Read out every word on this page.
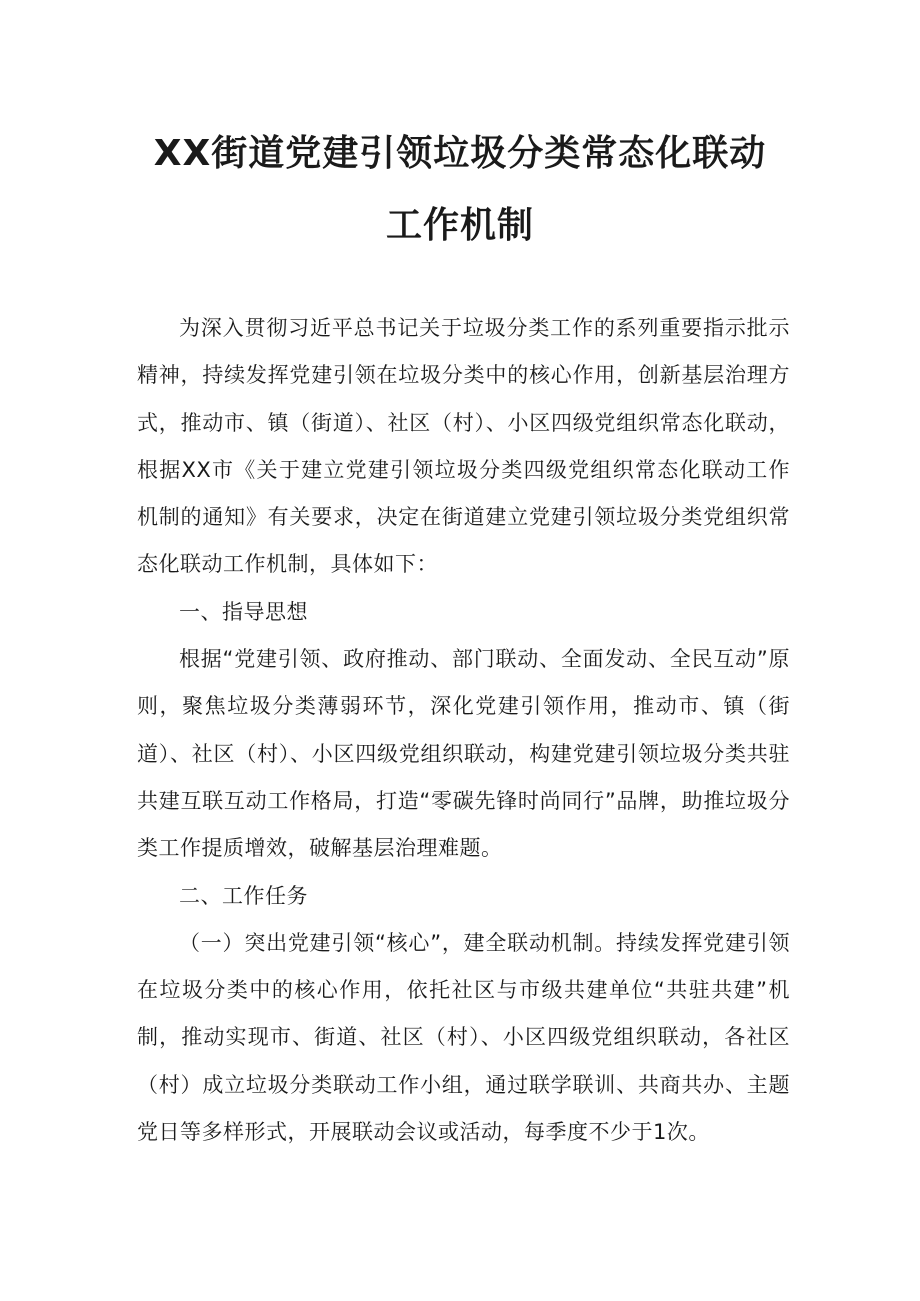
XX街道党建引领垃圾分类常态化联动
工作机制

为深入贯彻习近平总书记关于垃圾分类工作的系列重要指示批示精神，持续发挥党建引领在垃圾分类中的核心作用，创新基层治理方式，推动市、镇（街道）、社区（村）、小区四级党组织常态化联动，根据XX市《关于建立党建引领垃圾分类四级党组织常态化联动工作机制的通知》有关要求，决定在街道建立党建引领垃圾分类党组织常态化联动工作机制，具体如下：

一、指导思想

根据“党建引领、政府推动、部门联动、全面发动、全民互动”原则，聚焦垃圾分类薄弱环节，深化党建引领作用，推动市、镇（街道）、社区（村）、小区四级党组织联动，构建党建引领垃圾分类共驻共建互联互动工作格局，打造“零碳先锋时尚同行”品牌，助推垃圾分类工作提质增效，破解基层治理难题。

二、工作任务

（一）突出党建引领“核心”，建全联动机制。持续发挥党建引领在垃圾分类中的核心作用，依托社区与市级共建单位“共驻共建”机制，推动实现市、街道、社区（村）、小区四级党组织联动，各社区（村）成立垃圾分类联动工作小组，通过联学联训、共商共办、主题党日等多样形式，开展联动会议或活动，每季度不少于1次。
